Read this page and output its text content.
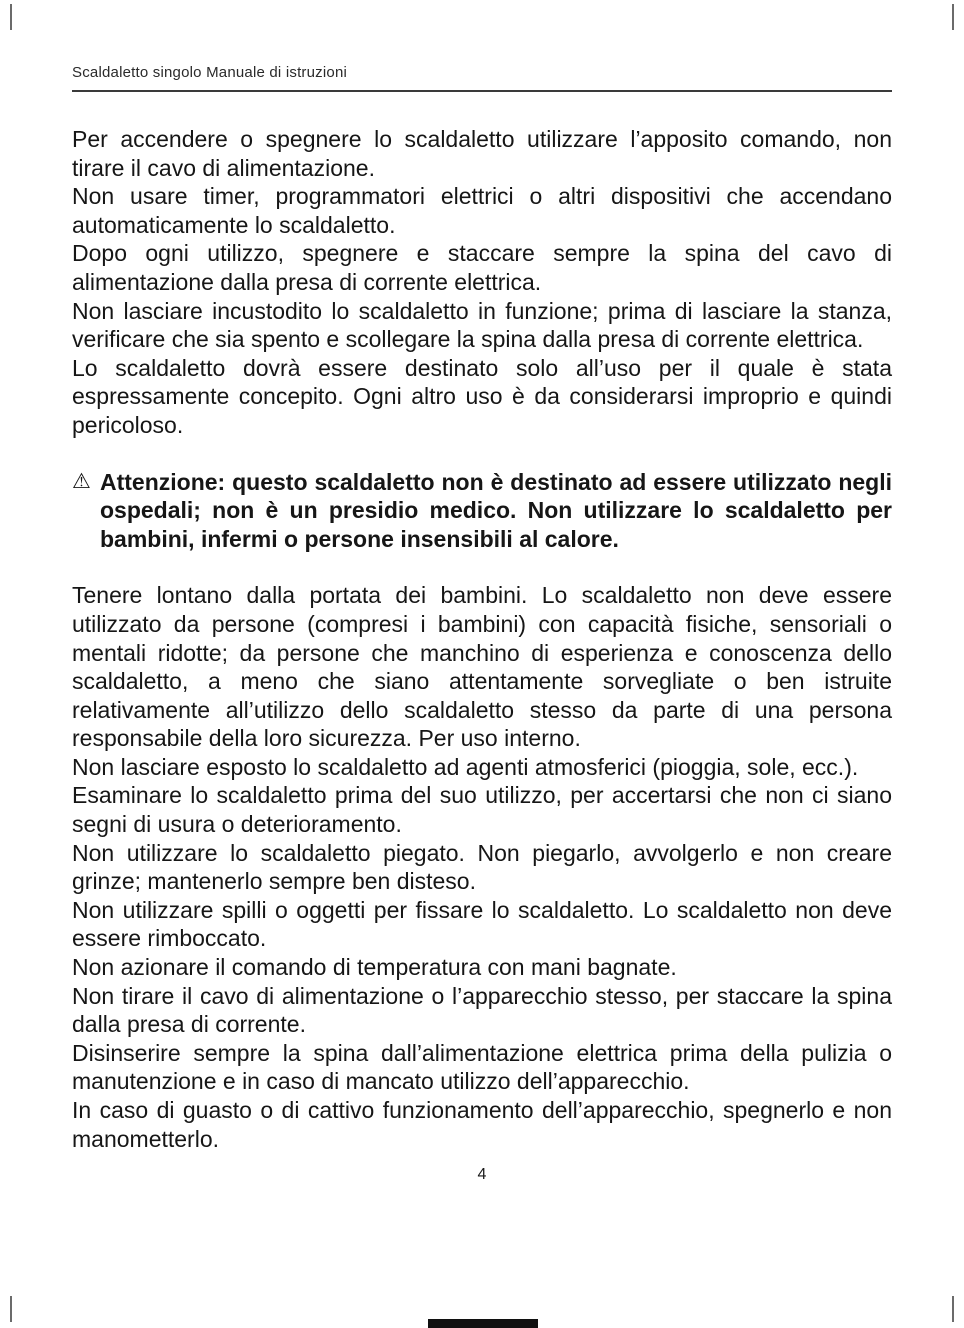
Scaldaletto singolo Manuale di istruzioni

Per accendere o spegnere lo scaldaletto utilizzare l’apposito comando, non tirare il cavo di alimentazione.

Non usare timer, programmatori elettrici o altri dispositivi che accendano automaticamente lo scaldaletto.

Dopo ogni utilizzo, spegnere e staccare sempre la spina del cavo di alimentazione dalla presa di corrente elettrica.

Non lasciare incustodito lo scaldaletto in funzione; prima di lasciare la stanza, verificare che sia spento e scollegare la spina dalla presa di corrente elettrica.

Lo scaldaletto dovrà essere destinato solo all’uso per il quale è stata espressamente concepito. Ogni altro uso è da considerarsi improprio e quindi pericoloso.

⚠ Attenzione: questo scaldaletto non è destinato ad essere utilizzato negli ospedali; non è un presidio medico. Non utilizzare lo scaldaletto per bambini, infermi o persone insensibili al calore.

Tenere lontano dalla portata dei bambini. Lo scaldaletto non deve essere utilizzato da persone (compresi i bambini) con capacità fisiche, sensoriali o mentali ridotte; da persone che manchino di esperienza e conoscenza dello scaldaletto, a meno che siano attentamente sorvegliate o ben istruite relativamente all’utilizzo dello scaldaletto stesso da parte di una persona responsabile della loro sicurezza. Per uso interno.

Non lasciare esposto lo scaldaletto ad agenti atmosferici (pioggia, sole, ecc.).

Esaminare lo scaldaletto prima del suo utilizzo, per accertarsi che non ci siano segni di usura o deterioramento.

Non utilizzare lo scaldaletto piegato. Non piegarlo, avvolgerlo e non creare grinze; mantenerlo sempre ben disteso.

Non utilizzare spilli o oggetti per fissare lo scaldaletto. Lo scaldaletto non deve essere rimboccato.

Non azionare il comando di temperatura con mani bagnate.

Non tirare il cavo di alimentazione o l’apparecchio stesso, per staccare la spina dalla presa di corrente.

Disinserire sempre la spina dall’alimentazione elettrica prima della pulizia o manutenzione e in caso di mancato utilizzo dell’apparecchio.

In caso di guasto o di cattivo funzionamento dell’apparecchio, spegnerlo e non manometterlo.

4
